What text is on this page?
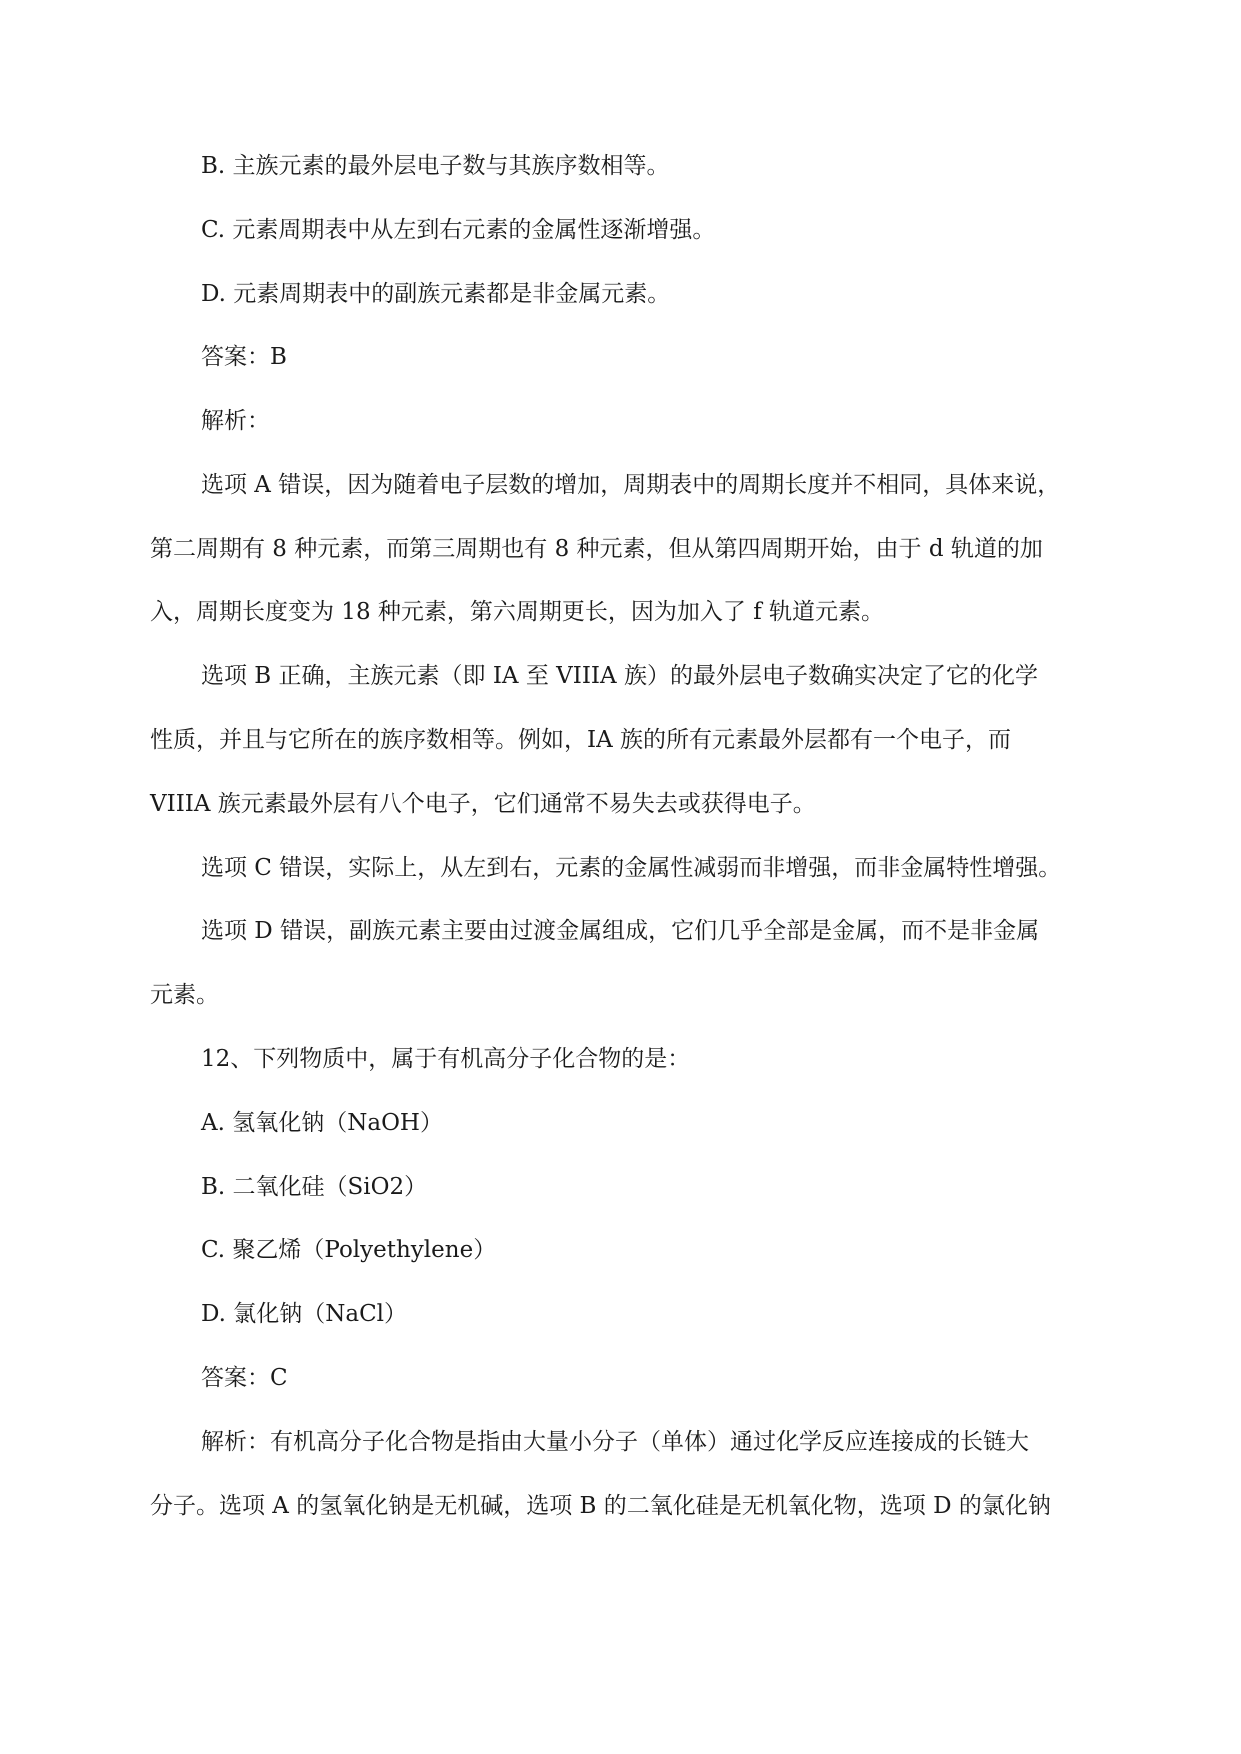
B. 主族元素的最外层电子数与其族序数相等。
C. 元素周期表中从左到右元素的金属性逐渐增强。
D. 元素周期表中的副族元素都是非金属元素。
答案：B
解析：
选项 A 错误，因为随着电子层数的增加，周期表中的周期长度并不相同，具体来说，
第二周期有 8 种元素，而第三周期也有 8 种元素，但从第四周期开始，由于 d 轨道的加
入，周期长度变为 18 种元素，第六周期更长，因为加入了 f 轨道元素。
选项 B 正确，主族元素（即 IA 至 VIIIA 族）的最外层电子数确实决定了它的化学
性质，并且与它所在的族序数相等。例如，IA 族的所有元素最外层都有一个电子，而
VIIIA 族元素最外层有八个电子，它们通常不易失去或获得电子。
选项 C 错误，实际上，从左到右，元素的金属性减弱而非增强，而非金属特性增强。
选项 D 错误，副族元素主要由过渡金属组成，它们几乎全部是金属，而不是非金属
元素。
12、下列物质中，属于有机高分子化合物的是：
A. 氢氧化钠（NaOH）
B. 二氧化硅（SiO2）
C. 聚乙烯（Polyethylene）
D. 氯化钠（NaCl）
答案：C
解析：有机高分子化合物是指由大量小分子（单体）通过化学反应连接成的长链大
分子。选项 A 的氢氧化钠是无机碱，选项 B 的二氧化硅是无机氧化物，选项 D 的氯化钠
